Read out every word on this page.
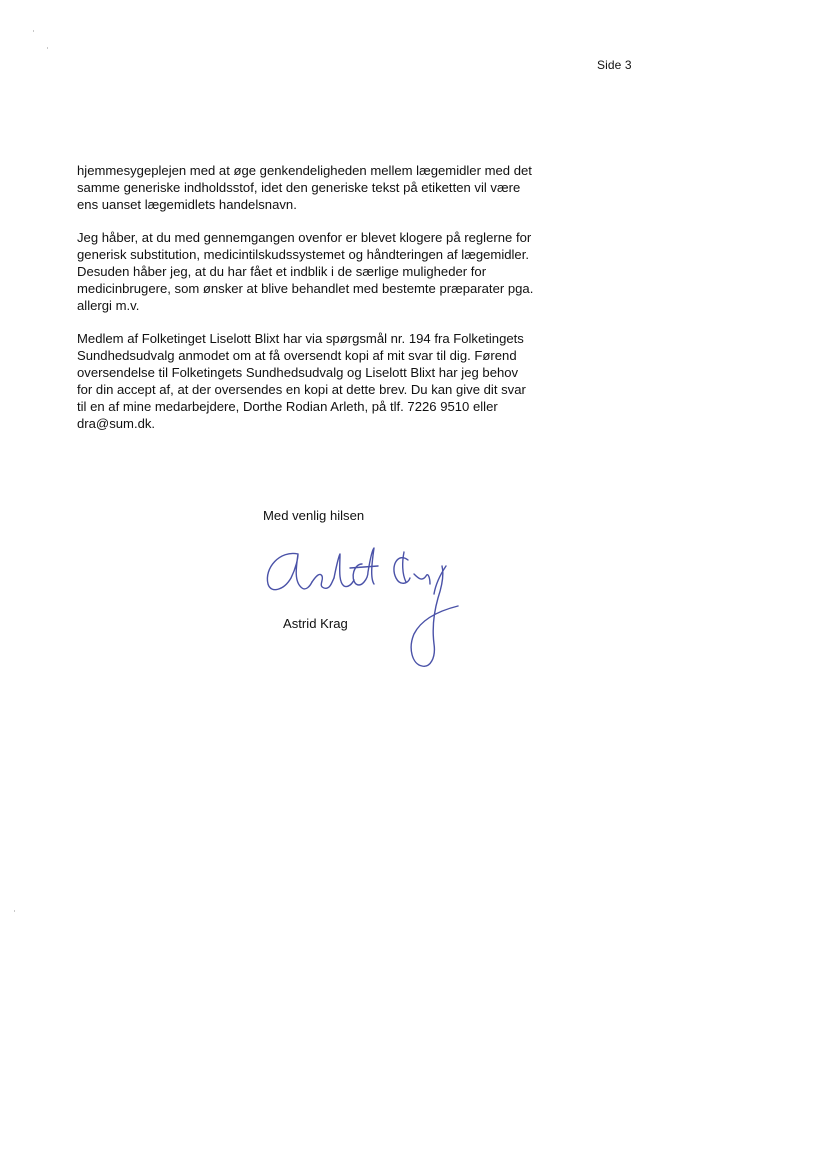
Side 3

hjemmesygeplejen med at øge genkendeligheden mellem lægemidler med det
samme generiske indholdsstof, idet den generiske tekst på etiketten vil være
ens uanset lægemidlets handelsnavn.

Jeg håber, at du med gennemgangen ovenfor er blevet klogere på reglerne for
generisk substitution, medicintilskudssystemet og håndteringen af lægemidler.
Desuden håber jeg, at du har fået et indblik i de særlige muligheder for
medicinbrugere, som ønsker at blive behandlet med bestemte præparater pga.
allergi m.v.

Medlem af Folketinget Liselott Blixt har via spørgsmål nr. 194 fra Folketingets
Sundhedsudvalg anmodet om at få oversendt kopi af mit svar til dig. Førend
oversendelse til Folketingets Sundhedsudvalg og Liselott Blixt har jeg behov
for din accept af, at der oversendes en kopi at dette brev. Du kan give dit svar
til en af mine medarbejdere, Dorthe Rodian Arleth, på tlf. 7226 9510 eller
dra@sum.dk.

Med venlig hilsen
Astrid Krag
